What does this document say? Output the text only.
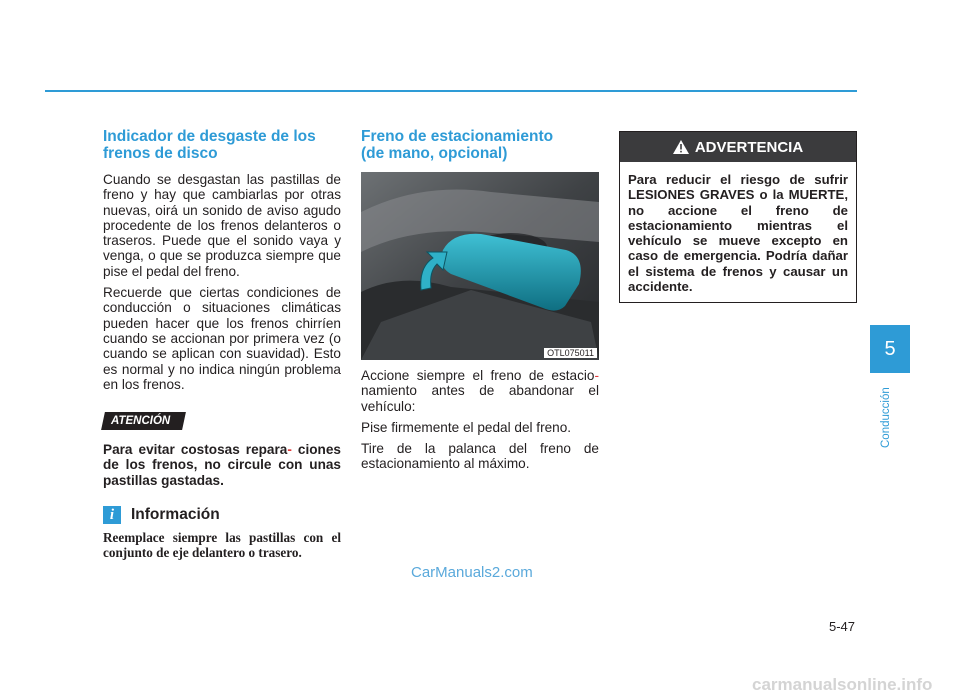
Indicador de desgaste de los frenos de disco

Cuando se desgastan las pastillas de freno y hay que cambiarlas por otras nuevas, oirá un sonido de aviso agudo procedente de los frenos delanteros o traseros. Puede que el sonido vaya y venga, o que se produzca siempre que pise el pedal del freno.

Recuerde que ciertas condiciones de conducción o situaciones climáticas pueden hacer que los frenos chirríen cuando se accionan por primera vez (o cuando se aplican con suavidad). Esto es normal y no indica ningún problema en los frenos.

ATENCIÓN

Para evitar costosas repara- ciones de los frenos, no circule con unas pastillas gastadas.

i	Información

Reemplace siempre las pastillas con el conjunto de eje delantero o trasero.

Freno de estacionamiento
(de mano, opcional)
OTL075011

Accione siempre el freno de estacio- namiento antes de abandonar el vehículo:

Pise firmemente el pedal del freno.

Tire de la palanca del freno de estacionamiento al máximo.

ADVERTENCIA
Para reducir el riesgo de sufrir LESIONES GRAVES o la MUERTE, no accione el freno de estacionamiento mientras el vehículo se mueve excepto en caso de emergencia. Podría dañar el sistema de frenos y causar un accidente.
5
Conducción
CarManuals2.com
5-47
carmanualsonline.info
